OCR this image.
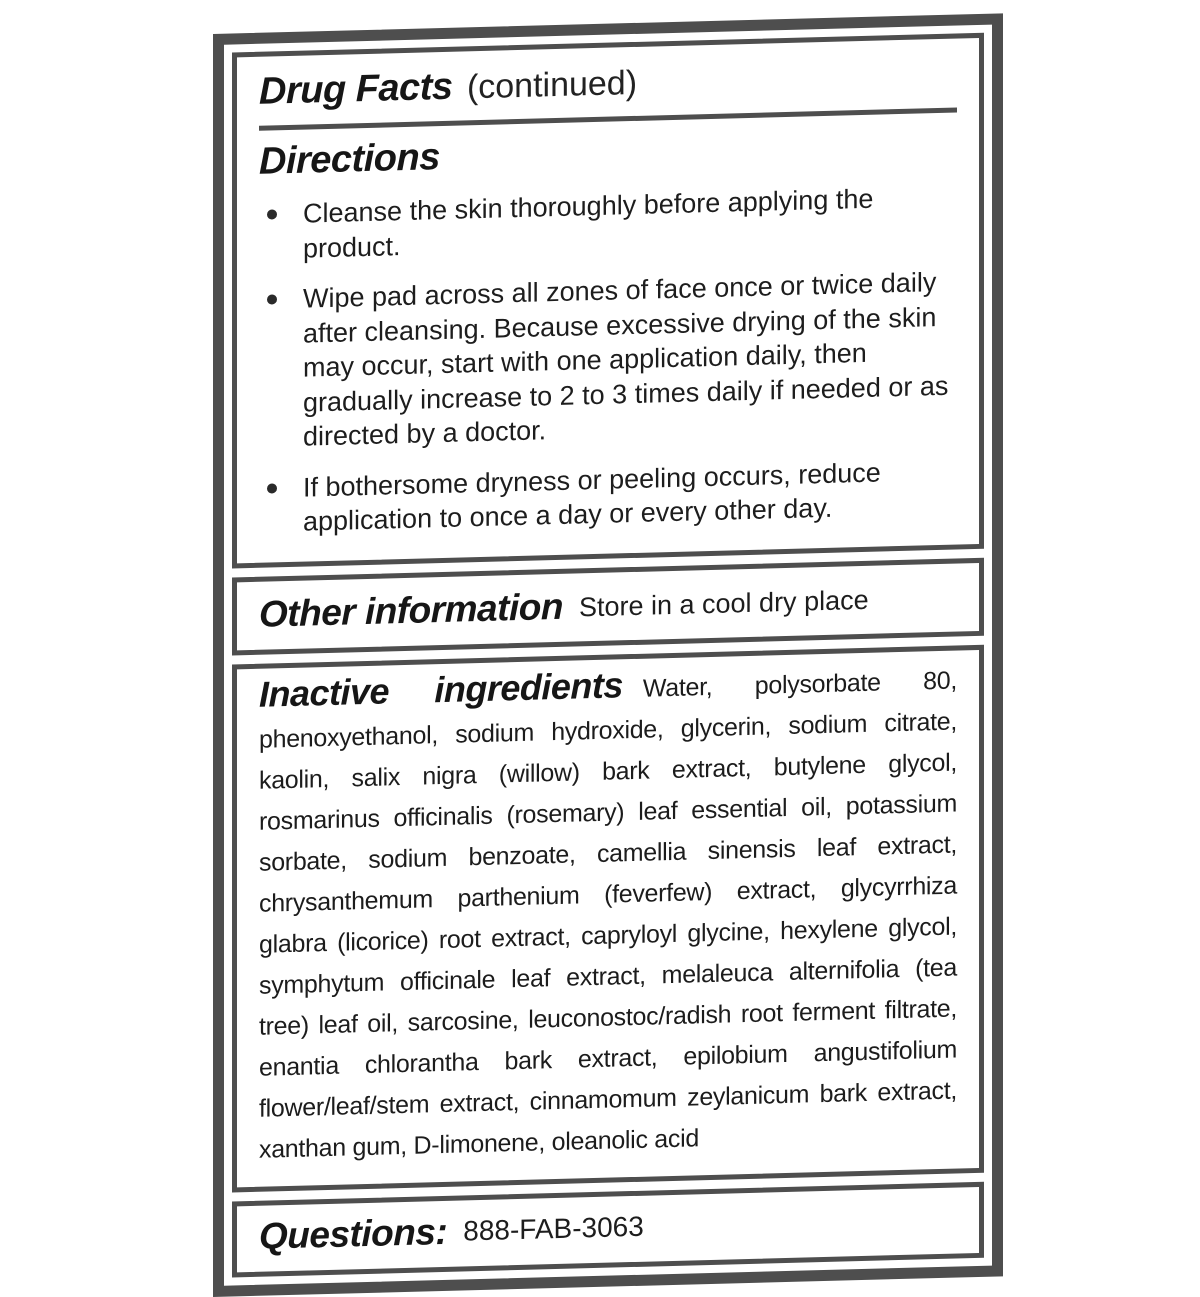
Drug Facts (continued)
Directions
Cleanse the skin thoroughly before applying the product.
Wipe pad across all zones of face once or twice daily after cleansing. Because excessive drying of the skin may occur, start with one application daily, then gradually increase to 2 to 3 times daily if needed or as directed by a doctor.
If bothersome dryness or peeling occurs, reduce application to once a day or every other day.
Other information Store in a cool dry place

Inactive ingredients Water, polysorbate 80, phenoxyethanol, sodium hydroxide, glycerin, sodium citrate, kaolin, salix nigra (willow) bark extract, butylene glycol, rosmarinus officinalis (rosemary) leaf essential oil, potassium sorbate, sodium benzoate, camellia sinensis leaf extract, chrysanthemum parthenium (feverfew) extract, glycyrrhiza glabra (licorice) root extract, capryloyl glycine, hexylene glycol, symphytum officinale leaf extract, melaleuca alternifolia (tea tree) leaf oil, sarcosine, leuconostoc/radish root ferment filtrate, enantia chlorantha bark extract, epilobium angustifolium flower/leaf/stem extract, cinnamomum zeylanicum bark extract, xanthan gum, D-limonene, oleanolic acid

Questions: 888-FAB-3063
